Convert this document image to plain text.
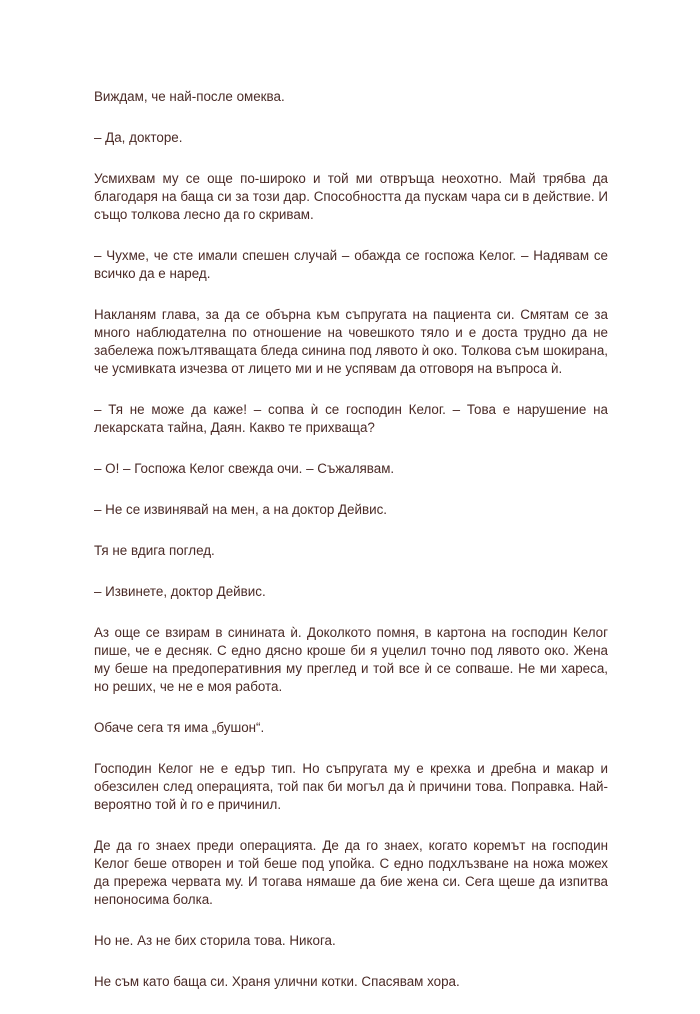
Виждам, че най-после омеква.

– Да, докторе.

Усмихвам му се още по-широко и той ми отвръща неохотно. Май трябва да благодаря на баща си за този дар. Способността да пускам чара си в действие. И също толкова лесно да го скривам.

– Чухме, че сте имали спешен случай – обажда се госпожа Келог. – Надявам се всичко да е наред.

Накланям глава, за да се обърна към съпругата на пациента си. Смятам се за много наблюдателна по отношение на човешкото тяло и е доста трудно да не забележа пожълтяващата бледа синина под лявото ѝ око. Толкова съм шокирана, че усмивката изчезва от лицето ми и не успявам да отговоря на въпроса ѝ.

– Тя не може да каже! – сопва ѝ се господин Келог. – Това е нарушение на лекарската тайна, Даян. Какво те прихваща?

– О! – Госпожа Келог свежда очи. – Съжалявам.

– Не се извинявай на мен, а на доктор Дейвис.

Тя не вдига поглед.

– Извинете, доктор Дейвис.

Аз още се взирам в синината ѝ. Доколкото помня, в картона на господин Келог пише, че е десняк. С едно дясно кроше би я уцелил точно под лявото око. Жена му беше на предоперативния му преглед и той все ѝ се сопваше. Не ми хареса, но реших, че не е моя работа.

Обаче сега тя има „бушон“.

Господин Келог не е едър тип. Но съпругата му е крехка и дребна и макар и обезсилен след операцията, той пак би могъл да ѝ причини това. Поправка. Най-вероятно той ѝ го е причинил.

Де да го знаех преди операцията. Де да го знаех, когато коремът на господин Келог беше отворен и той беше под упойка. С едно подхлъзване на ножа можех да прережа червата му. И тогава нямаше да бие жена си. Сега щеше да изпитва непоносима болка.

Но не. Аз не бих сторила това. Никога.

Не съм като баща си. Храня улични котки. Спасявам хора.
